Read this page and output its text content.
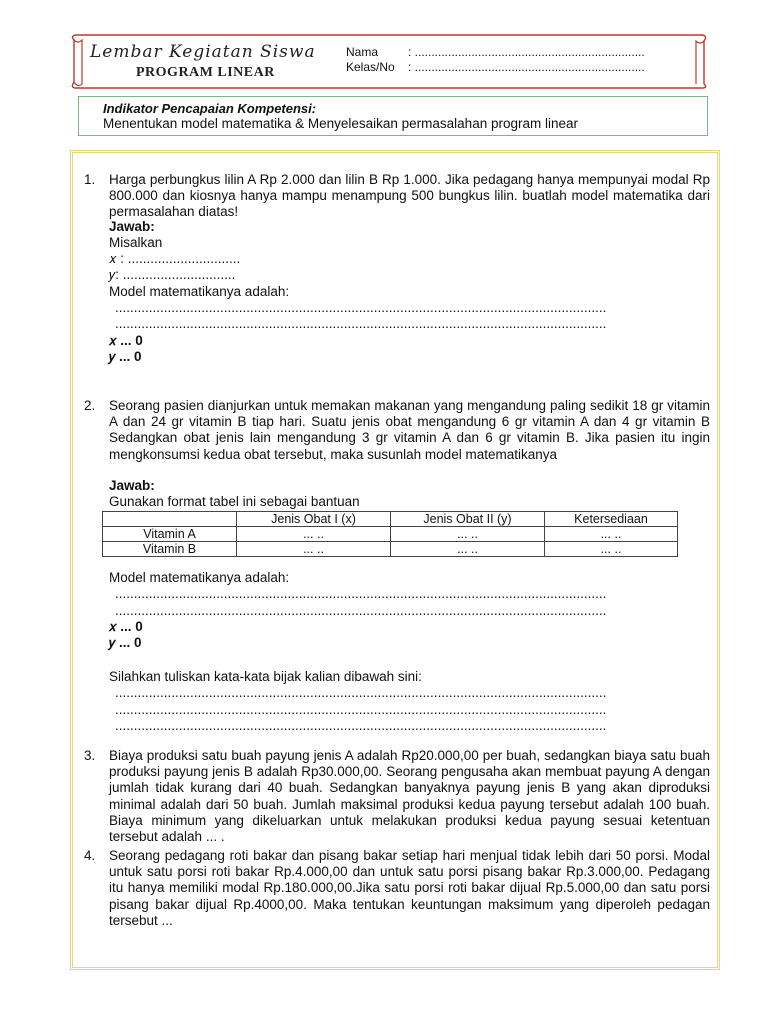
Lembar Kegiatan Siswa
PROGRAM LINEAR
Nama : .....................................................................
Kelas/No : .....................................................................
Indikator Pencapaian Kompetensi:
Menentukan model matematika & Menyelesaikan permasalahan program linear
1.	Harga perbungkus lilin A Rp 2.000 dan lilin B Rp 1.000. Jika pedagang hanya mempunyai modal Rp 800.000 dan kiosnya hanya mampu menampung 500 bungkus lilin. buatlah model matematika dari permasalahan diatas!
Jawab:
Misalkan
𝑥 : ..............................
𝑦: ..............................
Model matematikanya adalah:
...................................................................................................................................
...................................................................................................................................
𝑥 ... 0
𝑦 ... 0
2.	Seorang pasien dianjurkan untuk memakan makanan yang mengandung paling sedikit 18 gr vitamin A dan 24 gr vitamin B tiap hari. Suatu jenis obat mengandung 6 gr vitamin A dan 4 gr vitamin B Sedangkan obat jenis lain mengandung 3 gr vitamin A dan 6 gr vitamin B. Jika pasien itu ingin mengkonsumsi kedua obat tersebut, maka susunlah model matematikanya
Jawab:
Gunakan format tabel ini sebagai bantuan
	Jenis Obat I (x)	Jenis Obat II (y)	Ketersediaan
Vitamin A	... ..	... ..	... ..
Vitamin B	... ..	... ..	... ..
Model matematikanya adalah:
...................................................................................................................................
...................................................................................................................................
𝑥 ... 0
𝑦 ... 0
Silahkan tuliskan kata-kata bijak kalian dibawah sini:
...................................................................................................................................
...................................................................................................................................
...................................................................................................................................
3.	Biaya produksi satu buah payung jenis A adalah Rp20.000,00 per buah, sedangkan biaya satu buah produksi payung jenis B adalah Rp30.000,00. Seorang pengusaha akan membuat payung A dengan jumlah tidak kurang dari 40 buah. Sedangkan banyaknya payung jenis B yang akan diproduksi minimal adalah dari 50 buah. Jumlah maksimal produksi kedua payung tersebut adalah 100 buah. Biaya minimum yang dikeluarkan untuk melakukan produksi kedua payung sesuai ketentuan tersebut adalah ... .
4.	Seorang pedagang roti bakar dan pisang bakar setiap hari menjual tidak lebih dari 50 porsi. Modal untuk satu porsi roti bakar Rp.4.000,00 dan untuk satu porsi pisang bakar Rp.3.000,00. Pedagang itu hanya memiliki modal Rp.180.000,00.Jika satu porsi roti bakar dijual Rp.5.000,00 dan satu porsi pisang bakar dijual Rp.4000,00. Maka tentukan keuntungan maksimum yang diperoleh pedagan tersebut ...
